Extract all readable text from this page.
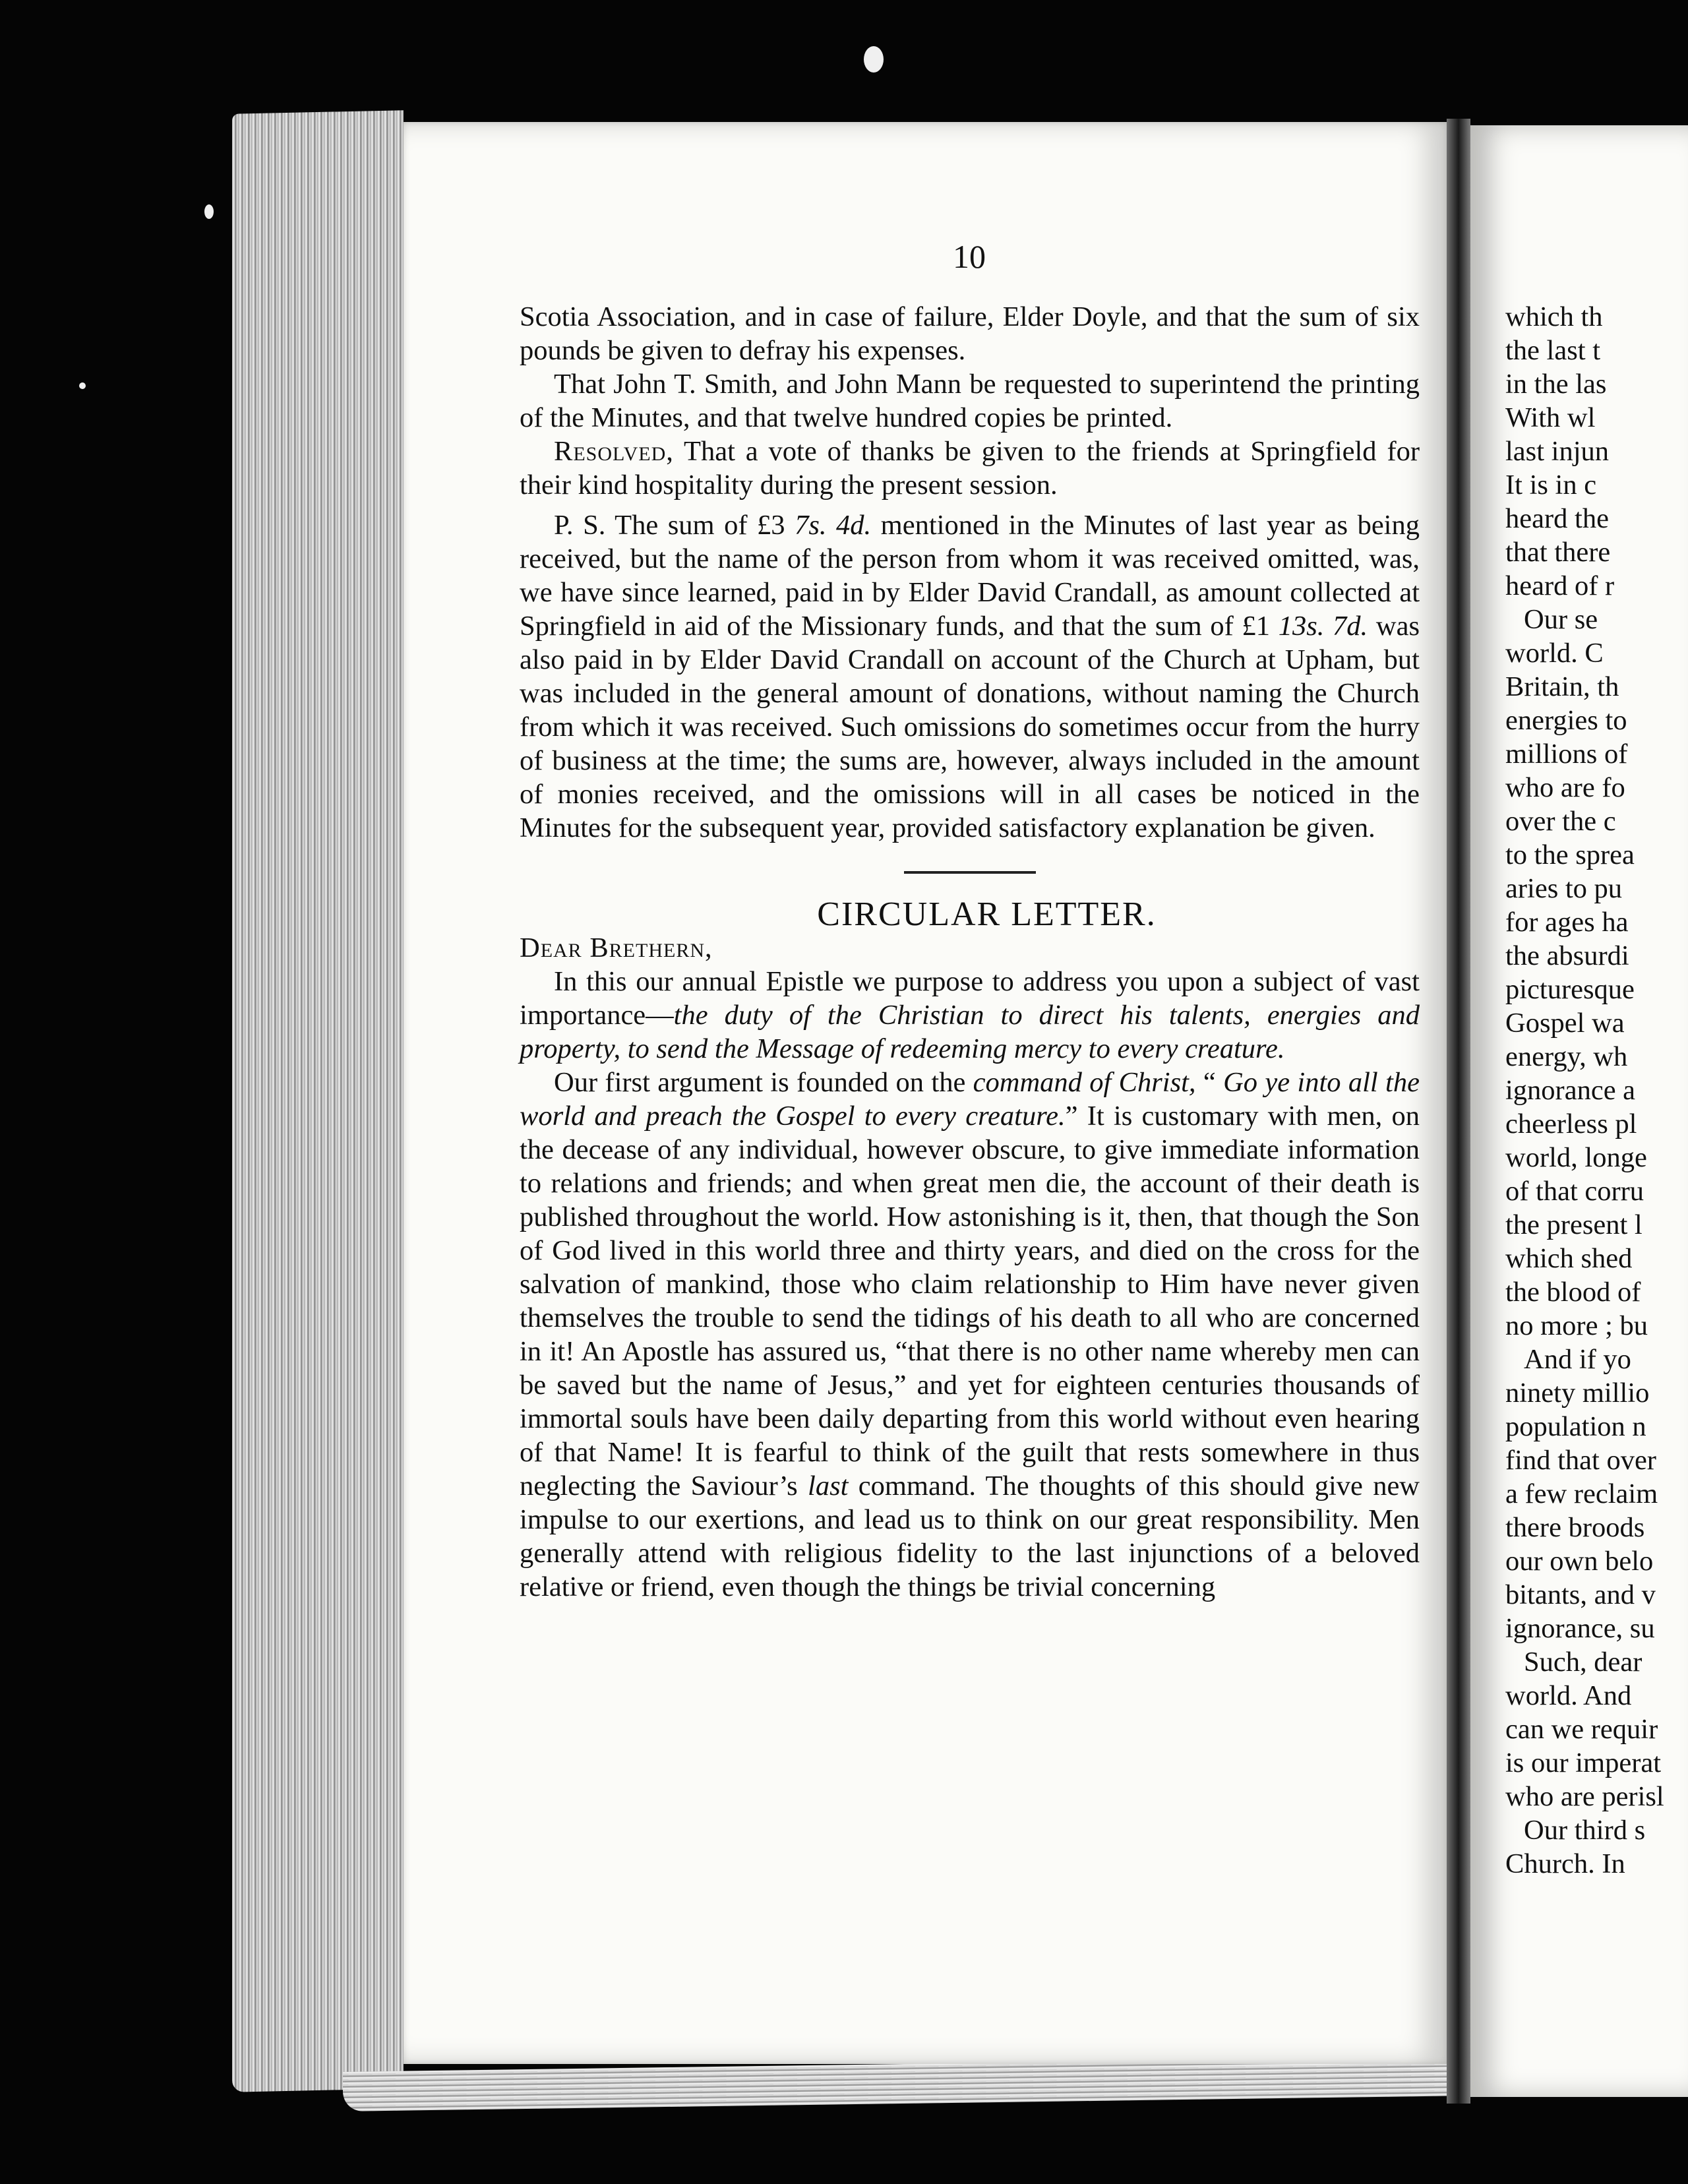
10

Scotia Association, and in case of failure, Elder Doyle, and that the sum of six pounds be given to defray his expenses.

That John T. Smith, and John Mann be requested to superintend the printing of the Minutes, and that twelve hundred copies be printed.

Resolved, That a vote of thanks be given to the friends at Springfield for their kind hospitality during the present session.

P. S. The sum of £3 7s. 4d. mentioned in the Minutes of last year as being received, but the name of the person from whom it was received omitted, was, we have since learned, paid in by Elder David Crandall, as amount collected at Springfield in aid of the Missionary funds, and that the sum of £1 13s. 7d. was also paid in by Elder David Crandall on account of the Church at Upham, but was included in the general amount of donations, without naming the Church from which it was received. Such omissions do sometimes occur from the hurry of business at the time; the sums are, however, always included in the amount of monies received, and the omissions will in all cases be noticed in the Minutes for the subsequent year, provided satisfactory explanation be given.

CIRCULAR LETTER.

Dear Brethern,

In this our annual Epistle we purpose to address you upon a subject of vast importance—the duty of the Christian to direct his talents, energies and property, to send the Message of redeeming mercy to every creature.

Our first argument is founded on the command of Christ, “ Go ye into all the world and preach the Gospel to every creature.” It is customary with men, on the decease of any individual, however obscure, to give immediate information to relations and friends; and when great men die, the account of their death is published throughout the world. How astonishing is it, then, that though the Son of God lived in this world three and thirty years, and died on the cross for the salvation of mankind, those who claim relationship to Him have never given themselves the trouble to send the tidings of his death to all who are concerned in it! An Apostle has assured us, “that there is no other name whereby men can be saved but the name of Jesus,” and yet for eighteen centuries thousands of immortal souls have been daily departing from this world without even hearing of that Name! It is fearful to think of the guilt that rests somewhere in thus neglecting the Saviour’s last command. The thoughts of this should give new impulse to our exertions, and lead us to think on our great responsibility. Men generally attend with religious fidelity to the last injunctions of a beloved relative or friend, even though the things be trivial concerning

which th
the last t
in the las
With wl
last injun
It is in c
heard the
that there
heard of r
Our se
world. C
Britain, th
energies to
millions of
who are fo
over the c
to the sprea
aries to pu
for ages ha
the absurdi
picturesque
Gospel wa
energy, wh
ignorance a
cheerless pl
world, longe
of that corru
the present l
which shed
the blood of
no more ; bu
And if yo
ninety millio
population n
find that over
a few reclaim
there broods
our own belo
bitants, and v
ignorance, su
Such, dear
world. And
can we requir
is our imperat
who are perisl
Our third s
Church. In
